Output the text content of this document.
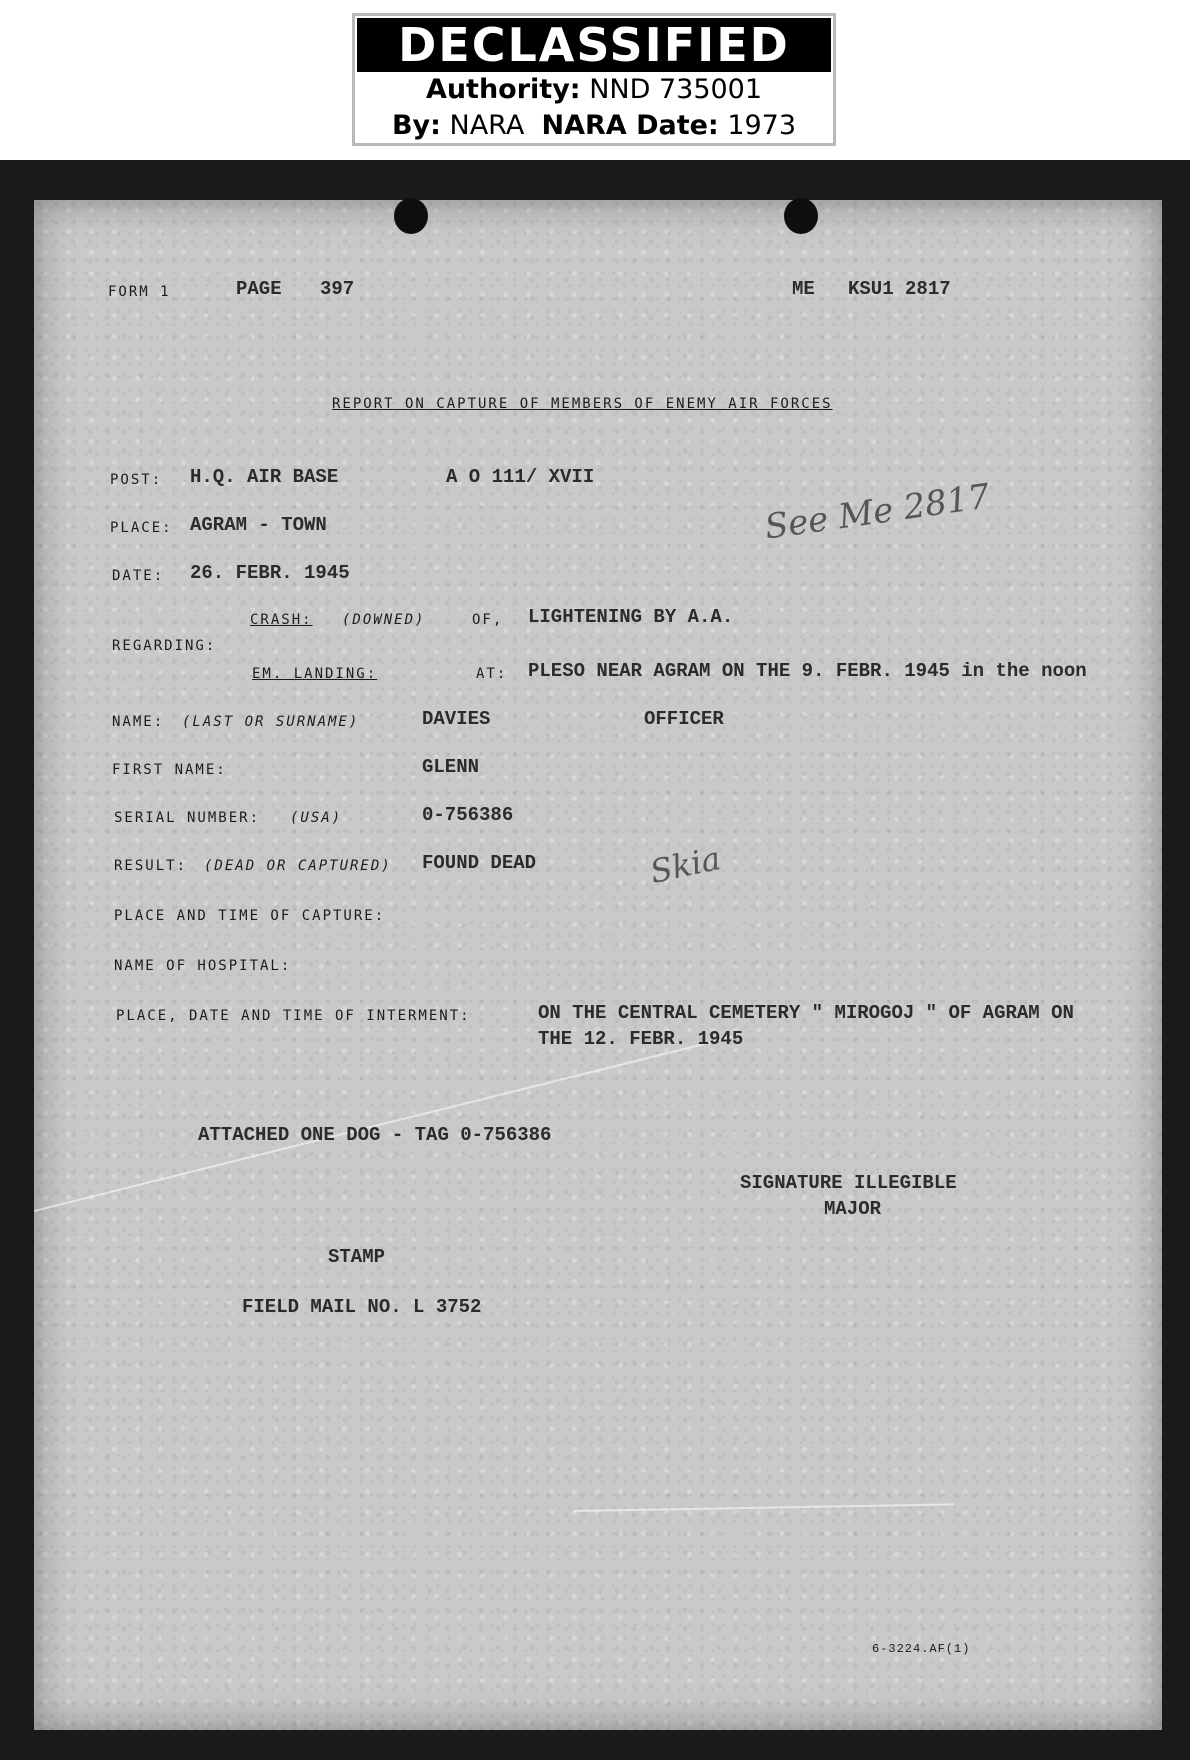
DECLASSIFIED
Authority: NND 735001
By: NARA NARA Date: 1973
FORM 1	PAGE 397	ME KSU1 2817
REPORT ON CAPTURE OF MEMBERS OF ENEMY AIR FORCES
POST: H.Q. AIR BASE	A O 111/ XVII	See Me 2817
PLACE: AGRAM - TOWN
DATE: 26. FEBR. 1945
REGARDING:
CRASH: (DOWNED)	OF, LIGHTENING BY A.A.
EM. LANDING:	AT: PLESO NEAR AGRAM ON THE 9. FEBR. 1945 in the noon
NAME: (LAST OR SURNAME)	DAVIES	OFFICER
FIRST NAME:	GLENN
SERIAL NUMBER: (USA)	0-756386
RESULT: (DEAD OR CAPTURED) FOUND DEAD	Skia
PLACE AND TIME OF CAPTURE:
NAME OF HOSPITAL:
PLACE, DATE AND TIME OF INTERMENT:	ON THE CENTRAL CEMETERY " MIROGOJ " OF AGRAM ON
THE 12. FEBR. 1945
ATTACHED ONE DOG - TAG 0-756386
SIGNATURE ILLEGIBLE
MAJOR
STAMP
FIELD MAIL NO. L 3752
6-3224.AF(1)
